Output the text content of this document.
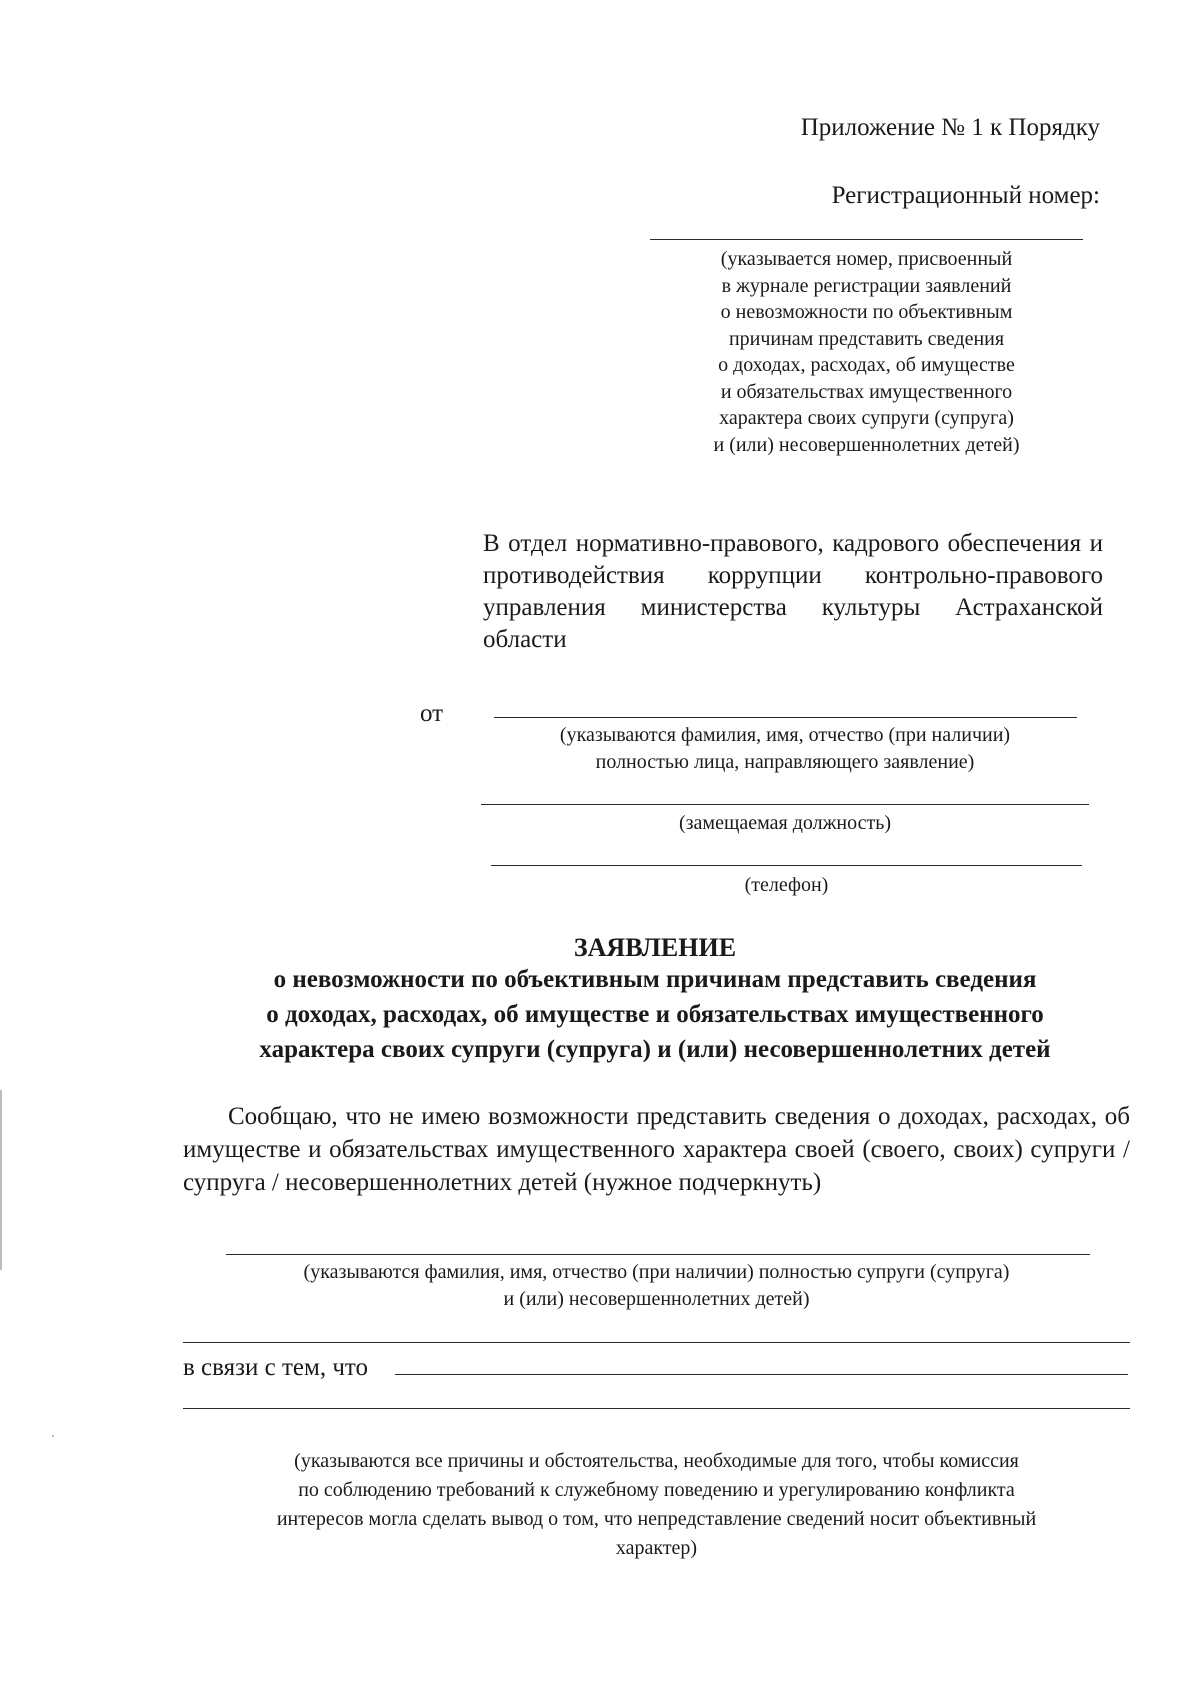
Приложение № 1 к Порядку
Регистрационный номер:
(указывается номер, присвоенный
в журнале регистрации заявлений
о невозможности по объективным
причинам представить сведения
о доходах, расходах, об имуществе
и обязательствах имущественного
характера своих супруги (супруга)
и (или) несовершеннолетних детей)
В отдел нормативно-правового, кадрового обеспечения и противодействия коррупции контрольно-правового управления министерства культуры Астраханской области
от
(указываются фамилия, имя, отчество (при наличии)
полностью лица, направляющего заявление)
(замещаемая должность)
(телефон)
ЗАЯВЛЕНИЕ
о невозможности по объективным причинам представить сведения
о доходах, расходах, об имуществе и обязательствах имущественного
характера своих супруги (супруга) и (или) несовершеннолетних детей
Сообщаю, что не имею возможности представить сведения о доходах, расходах, об имуществе и обязательствах имущественного характера своей (своего, своих) супруги / супруга / несовершеннолетних детей (нужное подчеркнуть)
(указываются фамилия, имя, отчество (при наличии) полностью супруги (супруга)
и (или) несовершеннолетних детей)
в связи с тем, что
(указываются все причины и обстоятельства, необходимые для того, чтобы комиссия
по соблюдению требований к служебному поведению и урегулированию конфликта
интересов могла сделать вывод о том, что непредставление сведений носит объективный
характер)
